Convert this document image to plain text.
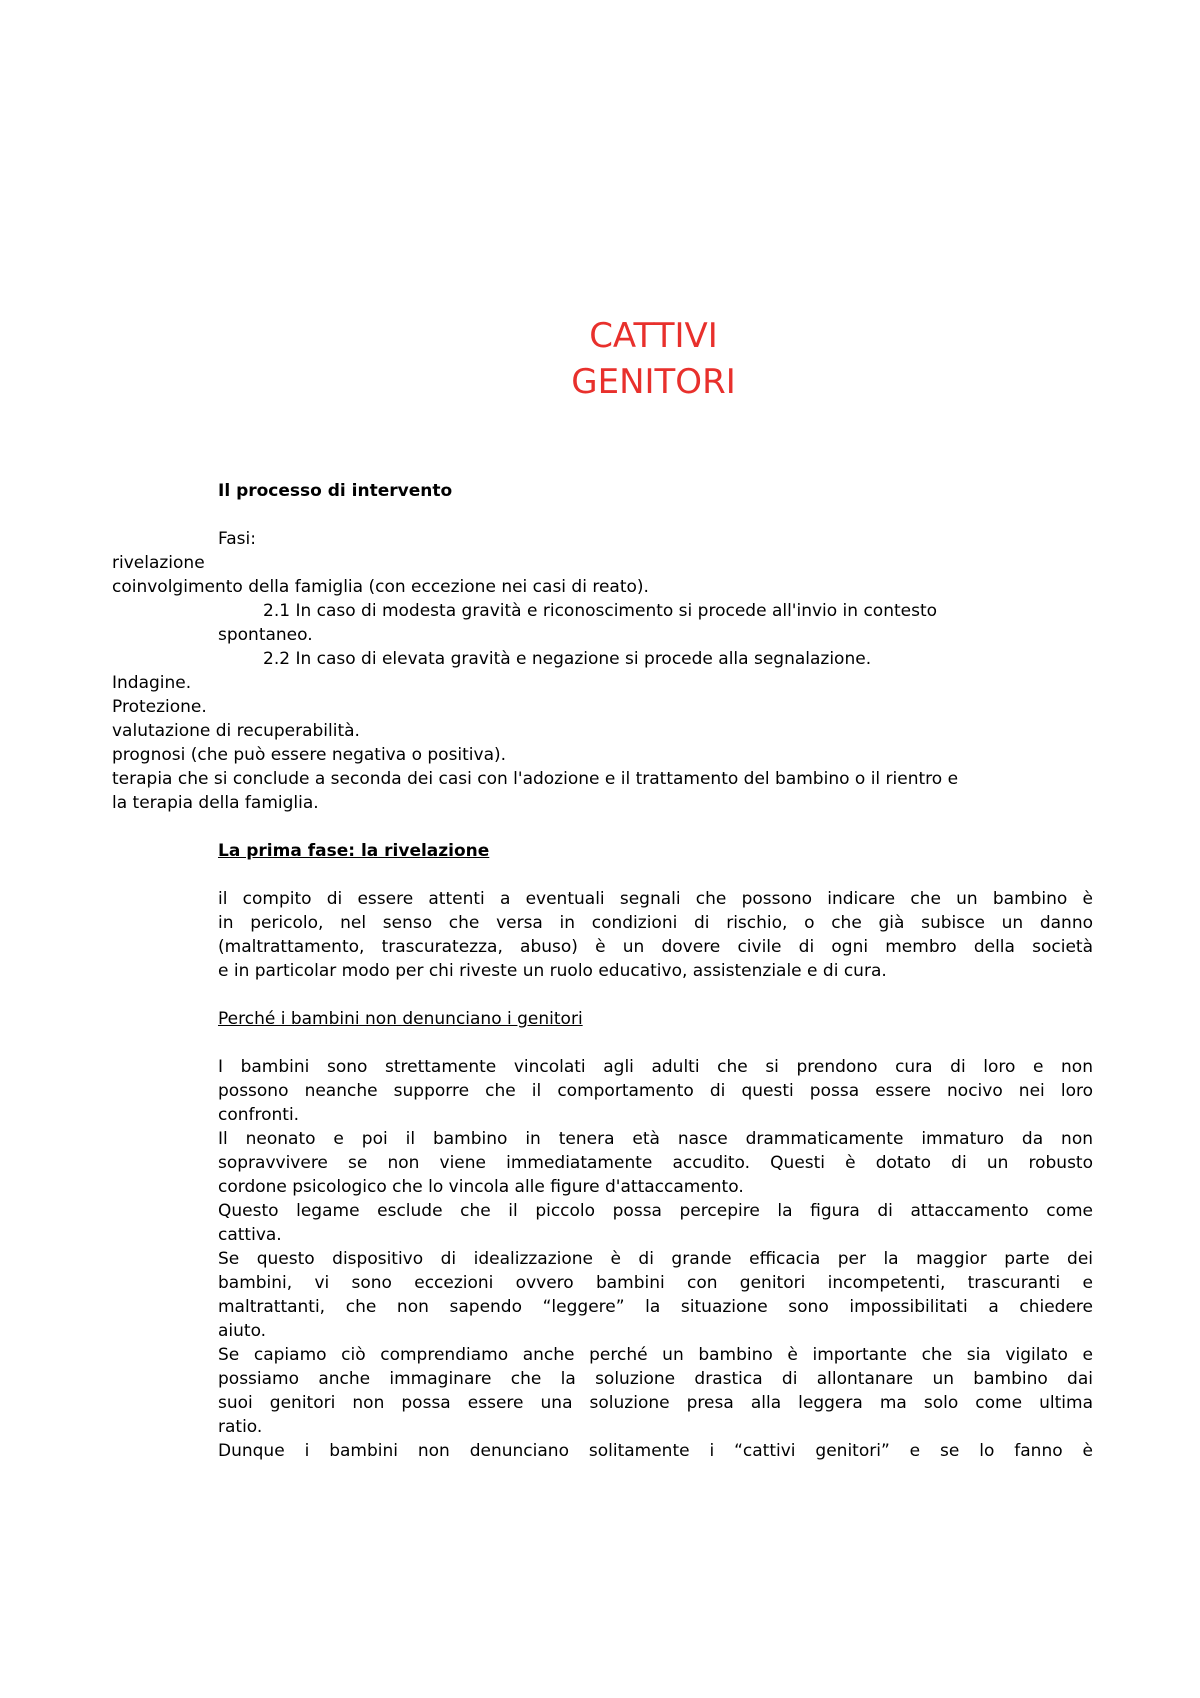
CATTIVI
GENITORI
Il processo di intervento
Fasi:
rivelazione
coinvolgimento della famiglia (con eccezione nei casi di reato).
2.1 In caso di modesta gravità e riconoscimento si procede all'invio in contesto
spontaneo.
2.2 In caso di elevata gravità e negazione si procede alla segnalazione.
Indagine.
Protezione.
valutazione di recuperabilità.
prognosi (che può essere negativa o positiva).
terapia che si conclude a seconda dei casi con l'adozione e il trattamento del bambino o il rientro e
la terapia della famiglia.
La prima fase: la rivelazione
il compito di essere attenti a eventuali segnali che possono indicare che un bambino è
in pericolo, nel senso che versa in condizioni di rischio, o che già subisce un danno
(maltrattamento, trascuratezza, abuso) è un dovere civile di ogni membro della società
e in particolar modo per chi riveste un ruolo educativo, assistenziale e di cura.
Perché i bambini non denunciano i genitori
I bambini sono strettamente vincolati agli adulti che si prendono cura di loro e non
possono neanche supporre che il comportamento di questi possa essere nocivo nei loro
confronti.
Il neonato e poi il bambino in tenera età nasce drammaticamente immaturo da non
sopravvivere se non viene immediatamente accudito. Questi è dotato di un robusto
cordone psicologico che lo vincola alle figure d'attaccamento.
Questo legame esclude che il piccolo possa percepire la figura di attaccamento come
cattiva.
Se questo dispositivo di idealizzazione è di grande efficacia per la maggior parte dei
bambini, vi sono eccezioni ovvero bambini con genitori incompetenti, trascuranti e
maltrattanti, che non sapendo “leggere” la situazione sono impossibilitati a chiedere
aiuto.
Se capiamo ciò comprendiamo anche perché un bambino è importante che sia vigilato e
possiamo anche immaginare che la soluzione drastica di allontanare un bambino dai
suoi genitori non possa essere una soluzione presa alla leggera ma solo come ultima
ratio.
Dunque i bambini non denunciano solitamente i “cattivi genitori” e se lo fanno è
